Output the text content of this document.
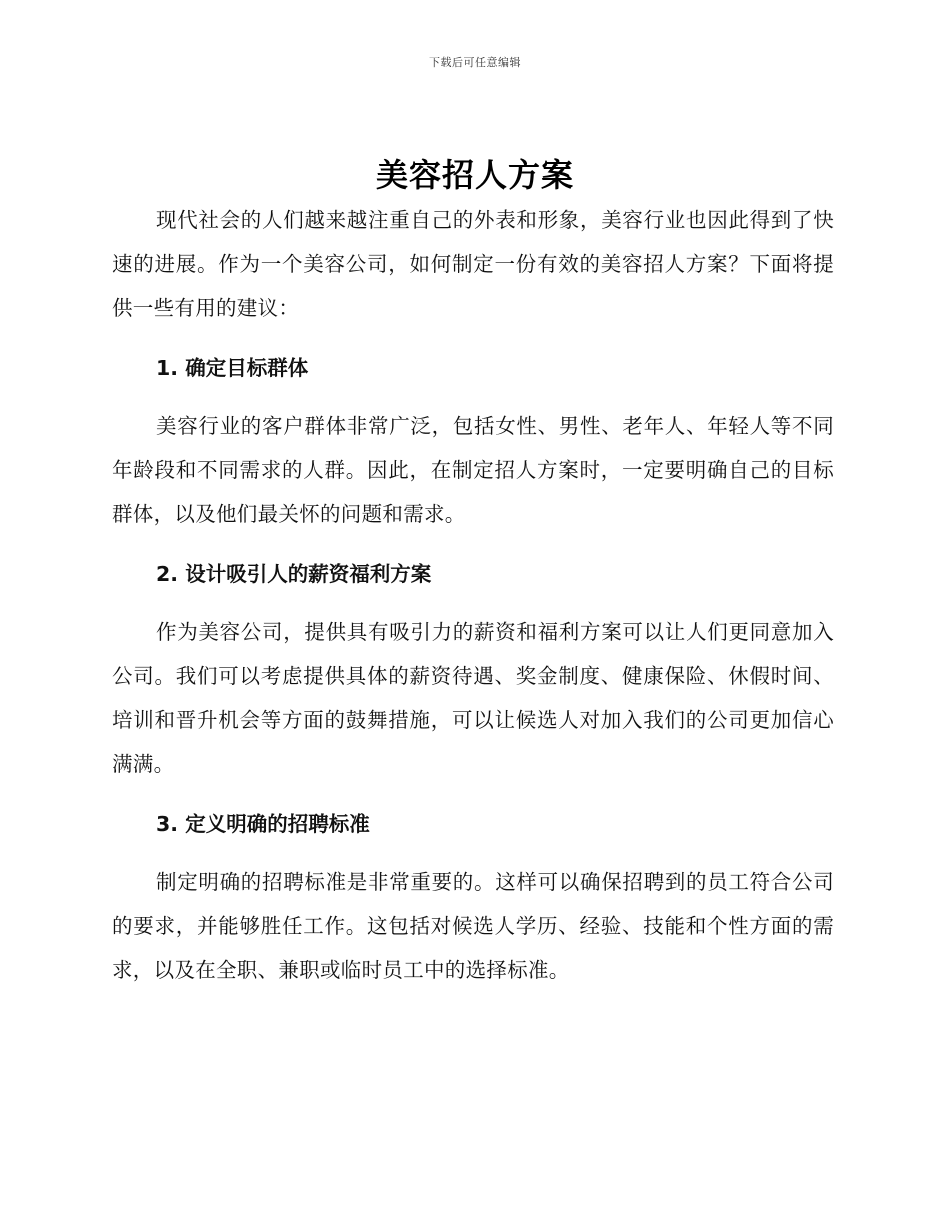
下载后可任意编辑
美容招人方案

现代社会的人们越来越注重自己的外表和形象，美容行业也因此得到了快速的进展。作为一个美容公司，如何制定一份有效的美容招人方案？下面将提供一些有用的建议：

1. 确定目标群体

美容行业的客户群体非常广泛，包括女性、男性、老年人、年轻人等不同年龄段和不同需求的人群。因此，在制定招人方案时，一定要明确自己的目标群体，以及他们最关怀的问题和需求。

2. 设计吸引人的薪资福利方案

作为美容公司，提供具有吸引力的薪资和福利方案可以让人们更同意加入公司。我们可以考虑提供具体的薪资待遇、奖金制度、健康保险、休假时间、培训和晋升机会等方面的鼓舞措施，可以让候选人对加入我们的公司更加信心满满。

3. 定义明确的招聘标准

制定明确的招聘标准是非常重要的。这样可以确保招聘到的员工符合公司的要求，并能够胜任工作。这包括对候选人学历、经验、技能和个性方面的需求，以及在全职、兼职或临时员工中的选择标准。
